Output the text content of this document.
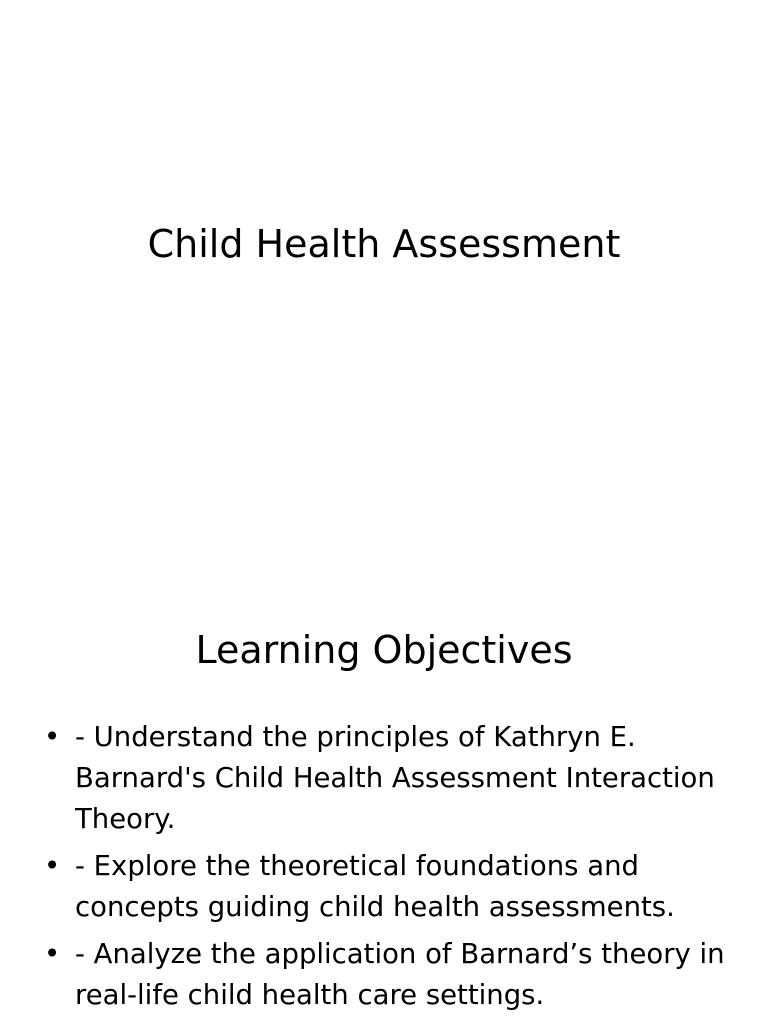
Child Health Assessment
Learning Objectives
• - Understand the principles of Kathryn E. Barnard's Child Health Assessment Interaction Theory.
• - Explore the theoretical foundations and concepts guiding child health assessments.
• - Analyze the application of Barnard’s theory in real-life child health care settings.
